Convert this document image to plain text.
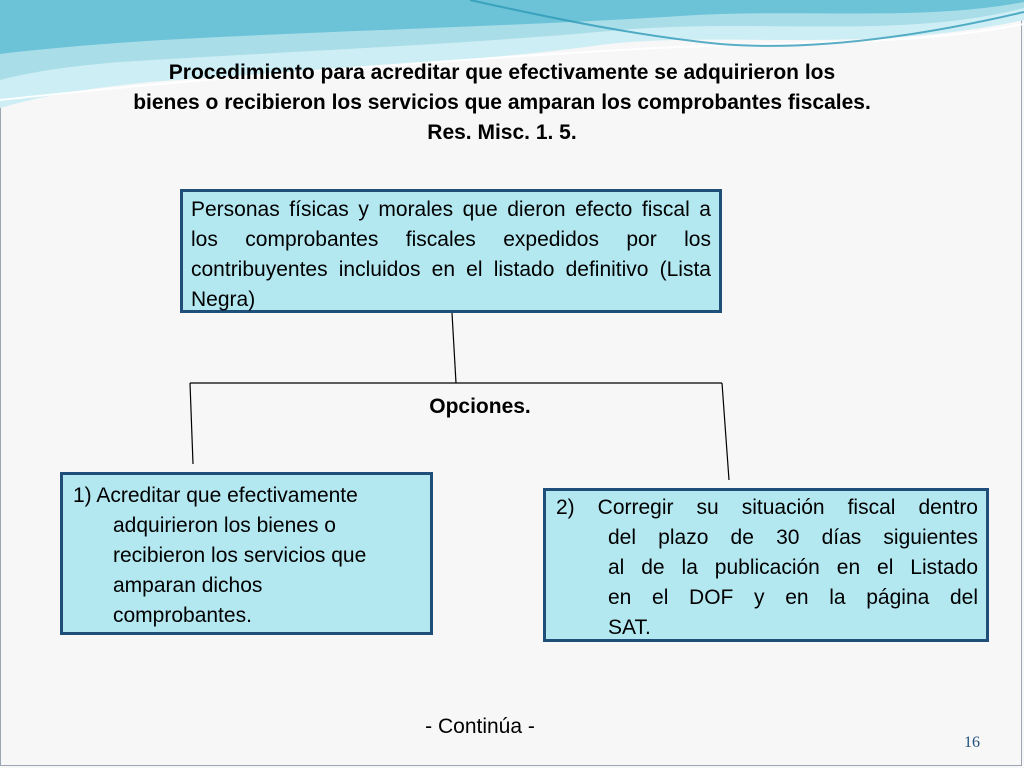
Procedimiento para acreditar que efectivamente se adquirieron los
bienes o recibieron los servicios que amparan los comprobantes fiscales.
Res. Misc. 1. 5.
Personas físicas y morales que dieron efecto fiscal a los comprobantes fiscales expedidos por los contribuyentes incluidos en el listado definitivo (Lista Negra)
Opciones.
1) Acreditar que efectivamente
adquirieron los bienes o
recibieron los servicios que
amparan dichos
comprobantes.
2) Corregir su situación fiscal dentro
del plazo de 30 días siguientes
al de la publicación en el Listado
en el DOF y en la página del
SAT.
- Continúa -
16
